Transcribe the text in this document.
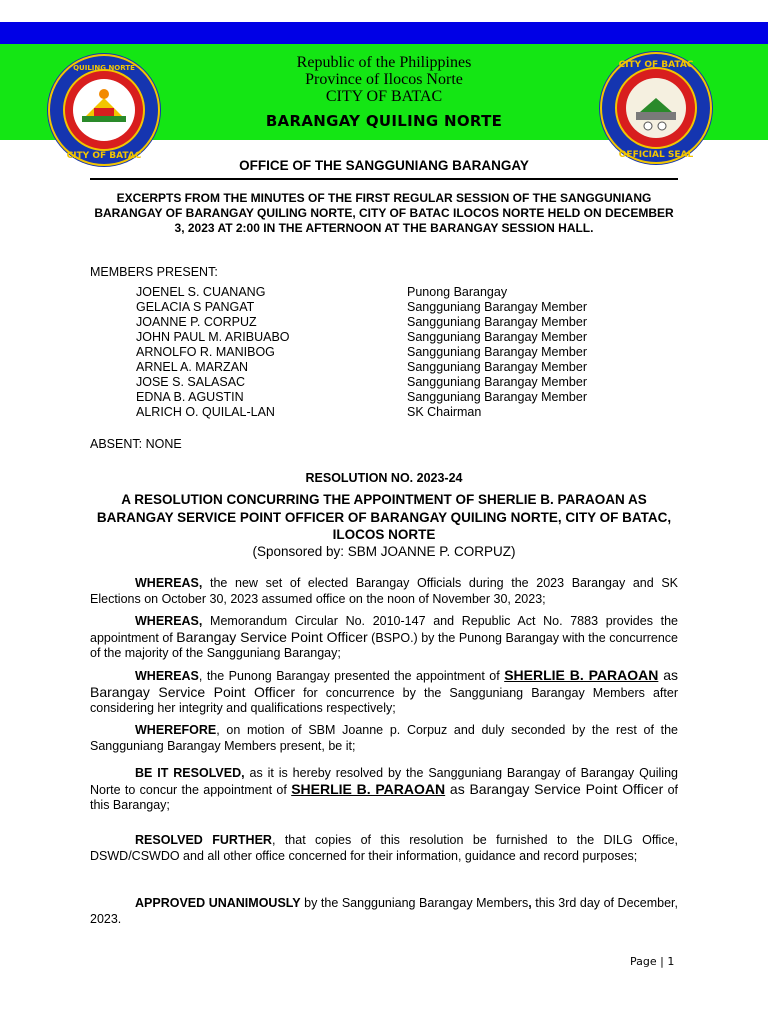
QUILING NORTE
CITY OF BATAC
CITY OF BATAC
OFFICIAL SEAL
Republic of the Philippines
Province of Ilocos Norte
CITY OF BATAC
BARANGAY QUILING NORTE
OFFICE OF THE SANGGUNIANG BARANGAY
EXCERPTS FROM THE MINUTES OF THE FIRST REGULAR SESSION OF THE SANGGUNIANG BARANGAY OF BARANGAY QUILING NORTE, CITY OF BATAC ILOCOS NORTE HELD ON DECEMBER 3, 2023 AT 2:00 IN THE AFTERNOON AT THE BARANGAY SESSION HALL.
MEMBERS PRESENT:
JOENEL S. CUANANG	Punong Barangay
GELACIA S PANGAT	Sangguniang Barangay Member
JOANNE P. CORPUZ	Sangguniang Barangay Member
JOHN PAUL M. ARIBUABO	Sangguniang Barangay Member
ARNOLFO R. MANIBOG	Sangguniang Barangay Member
ARNEL A. MARZAN	Sangguniang Barangay Member
JOSE S. SALASAC	Sangguniang Barangay Member
EDNA B. AGUSTIN	Sangguniang Barangay Member
ALRICH O. QUILAL-LAN	SK Chairman
ABSENT: NONE
RESOLUTION NO. 2023-24
A RESOLUTION CONCURRING THE APPOINTMENT OF SHERLIE B. PARAOAN AS BARANGAY SERVICE POINT OFFICER OF BARANGAY QUILING NORTE, CITY OF BATAC, ILOCOS NORTE
(Sponsored by: SBM JOANNE P. CORPUZ)
WHEREAS, the new set of elected Barangay Officials during the 2023 Barangay and SK Elections on October 30, 2023 assumed office on the noon of November 30, 2023;
WHEREAS, Memorandum Circular No. 2010-147 and Republic Act No. 7883 provides the appointment of Barangay Service Point Officer (BSPO.) by the Punong Barangay with the concurrence of the majority of the Sangguniang Barangay;
WHEREAS, the Punong Barangay presented the appointment of SHERLIE B. PARAOAN as Barangay Service Point Officer for concurrence by the Sangguniang Barangay Members after considering her integrity and qualifications respectively;
WHEREFORE, on motion of SBM Joanne p. Corpuz and duly seconded by the rest of the Sangguniang Barangay Members present, be it;
BE IT RESOLVED, as it is hereby resolved by the Sangguniang Barangay of Barangay Quiling Norte to concur the appointment of SHERLIE B. PARAOAN as Barangay Service Point Officer of this Barangay;
RESOLVED FURTHER, that copies of this resolution be furnished to the DILG Office, DSWD/CSWDO and all other office concerned for their information, guidance and record purposes;
APPROVED UNANIMOUSLY by the Sangguniang Barangay Members, this 3rd day of December, 2023.
Page | 1
